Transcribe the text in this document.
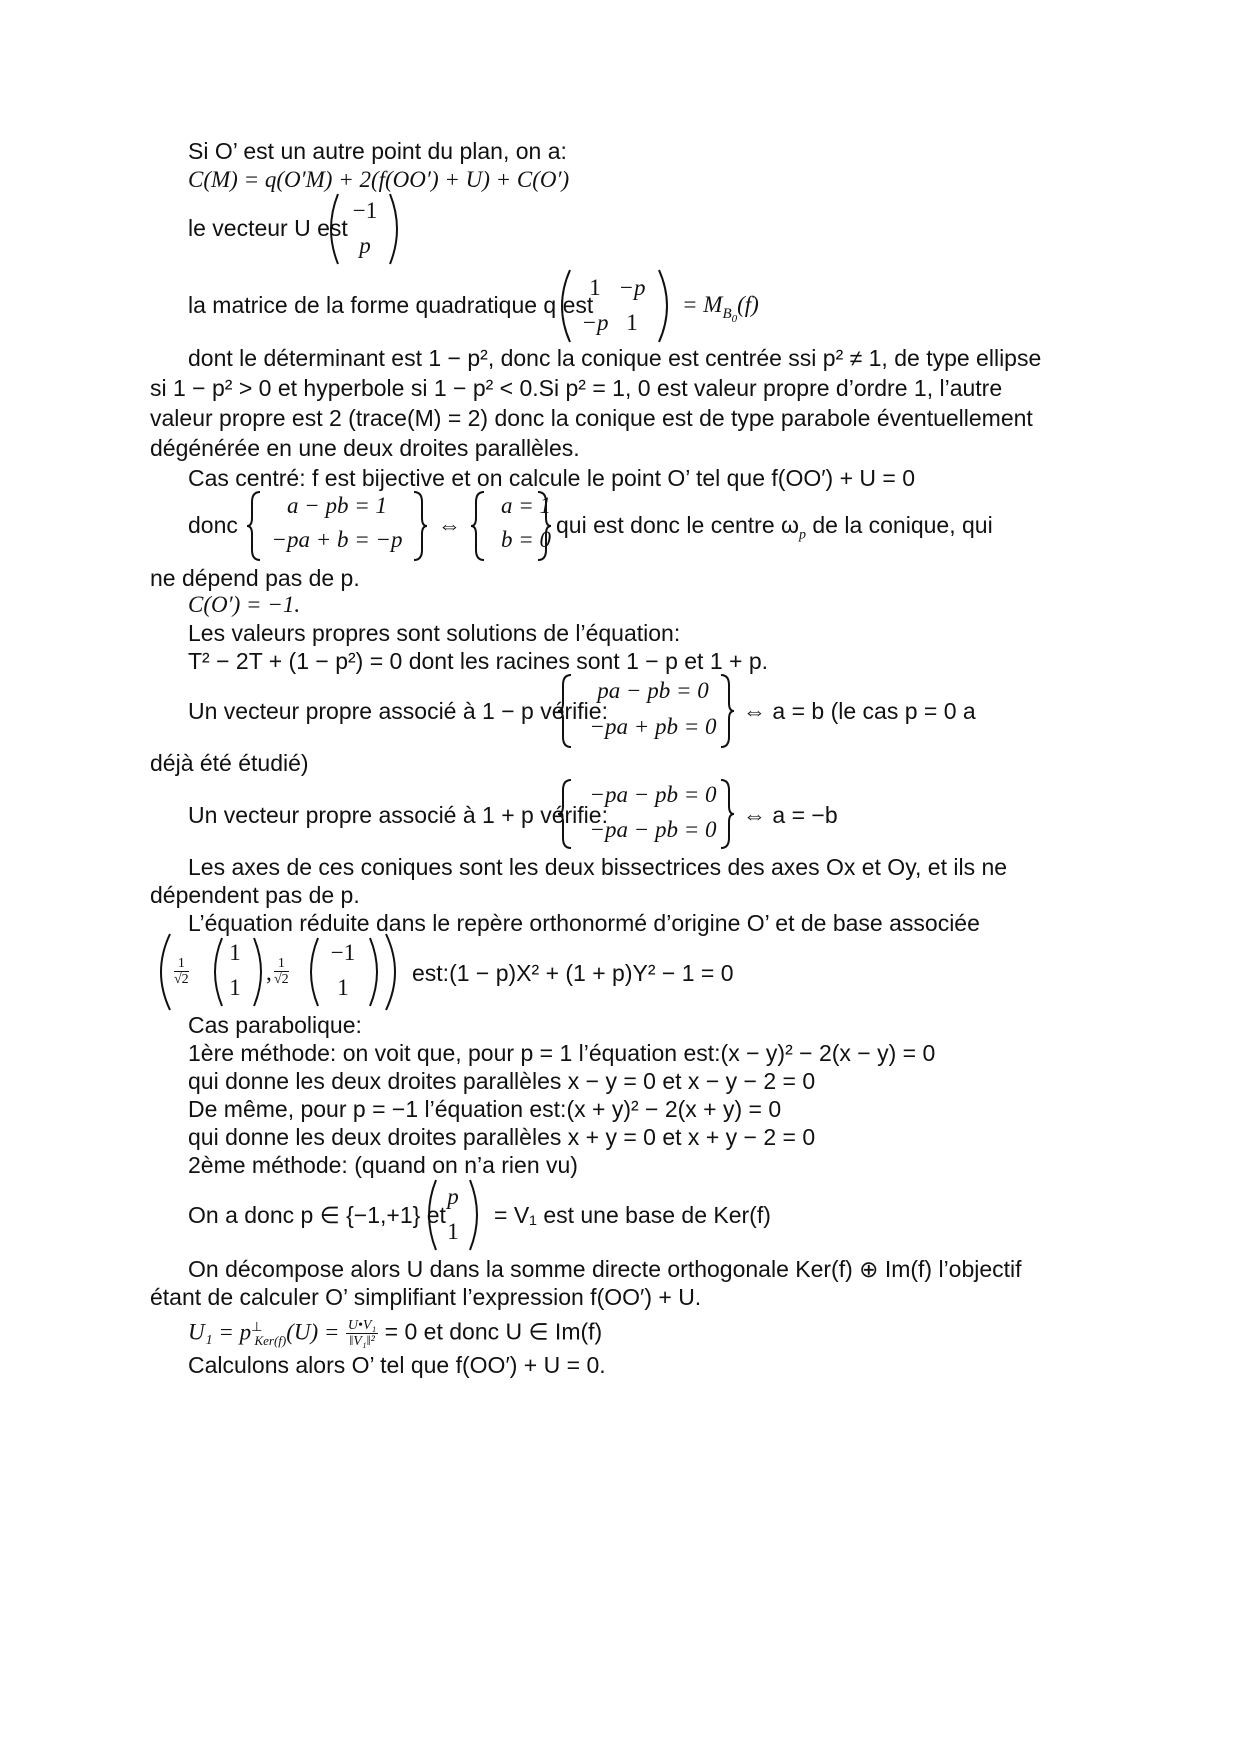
Si O’ est un autre point du plan, on a:
C(M) = q(O′M) + 2(f(OO′) + U) + C(O′)
le vecteur U est
−1
p
la matrice de la forme quadratique q est
1 −p
−p 1
= $M_{B_0}(f)$
dont le déterminant est 1 − p², donc la conique est centrée ssi p² ≠ 1, de type ellipse
si 1 − p² > 0 et hyperbole si 1 − p² < 0.Si p² = 1, 0 est valeur propre d’ordre 1, l’autre
valeur propre est 2 (trace(M) = 2) donc la conique est de type parabole éventuellement
dégénérée en une deux droites parallèles.
Cas centré: f est bijective et on calcule le point O’ tel que f(OO′) + U = 0
donc
a − pb = 1
−pa + b = −p
⇔
a = 1
b = 0
qui est donc le centre $\omega_p$ de la conique, qui
ne dépend pas de p.
C(O′) = −1.
Les valeurs propres sont solutions de l’équation:
T² − 2T + (1 − p²) = 0 dont les racines sont 1 − p et 1 + p.
Un vecteur propre associé à 1 − p vérifie:
pa − pb = 0
−pa + pb = 0
⇔ a = b (le cas p = 0 a
déjà été étudié)
Un vecteur propre associé à 1 + p vérifie:
−pa − pb = 0
−pa − pb = 0
⇔ a = −b
Les axes de ces coniques sont les deux bissectrices des axes Ox et Oy, et ils ne
dépendent pas de p.
L’équation réduite dans le repère orthonormé d’origine O’ et de base associée
$\frac{1}{√2}$
1
1
, $\frac{1}{√2}$
−1
1
est:(1 − p)X² + (1 + p)Y² − 1 = 0
Cas parabolique:
1ère méthode: on voit que, pour p = 1 l’équation est:(x − y)² − 2(x − y) = 0
qui donne les deux droites parallèles x − y = 0 et x − y − 2 = 0
De même, pour p = −1 l’équation est:(x + y)² − 2(x + y) = 0
qui donne les deux droites parallèles x + y = 0 et x + y − 2 = 0
2ème méthode: (quand on n’a rien vu)
On a donc p ∈ {−1,+1} et
p
1
= V₁ est une base de Ker(f)
On décompose alors U dans la somme directe orthogonale Ker(f) ⊕ Im(f) l’objectif
étant de calculer O’ simplifiant l’expression f(OO′) + U.
$U_1 = p^\perp_{Ker(f)}(U) = \frac{\text{U•V₁}}{\text{‖V₁‖²}} = 0$ et donc U ∈ Im(f)
Calculons alors O’ tel que f(OO′) + U = 0.
